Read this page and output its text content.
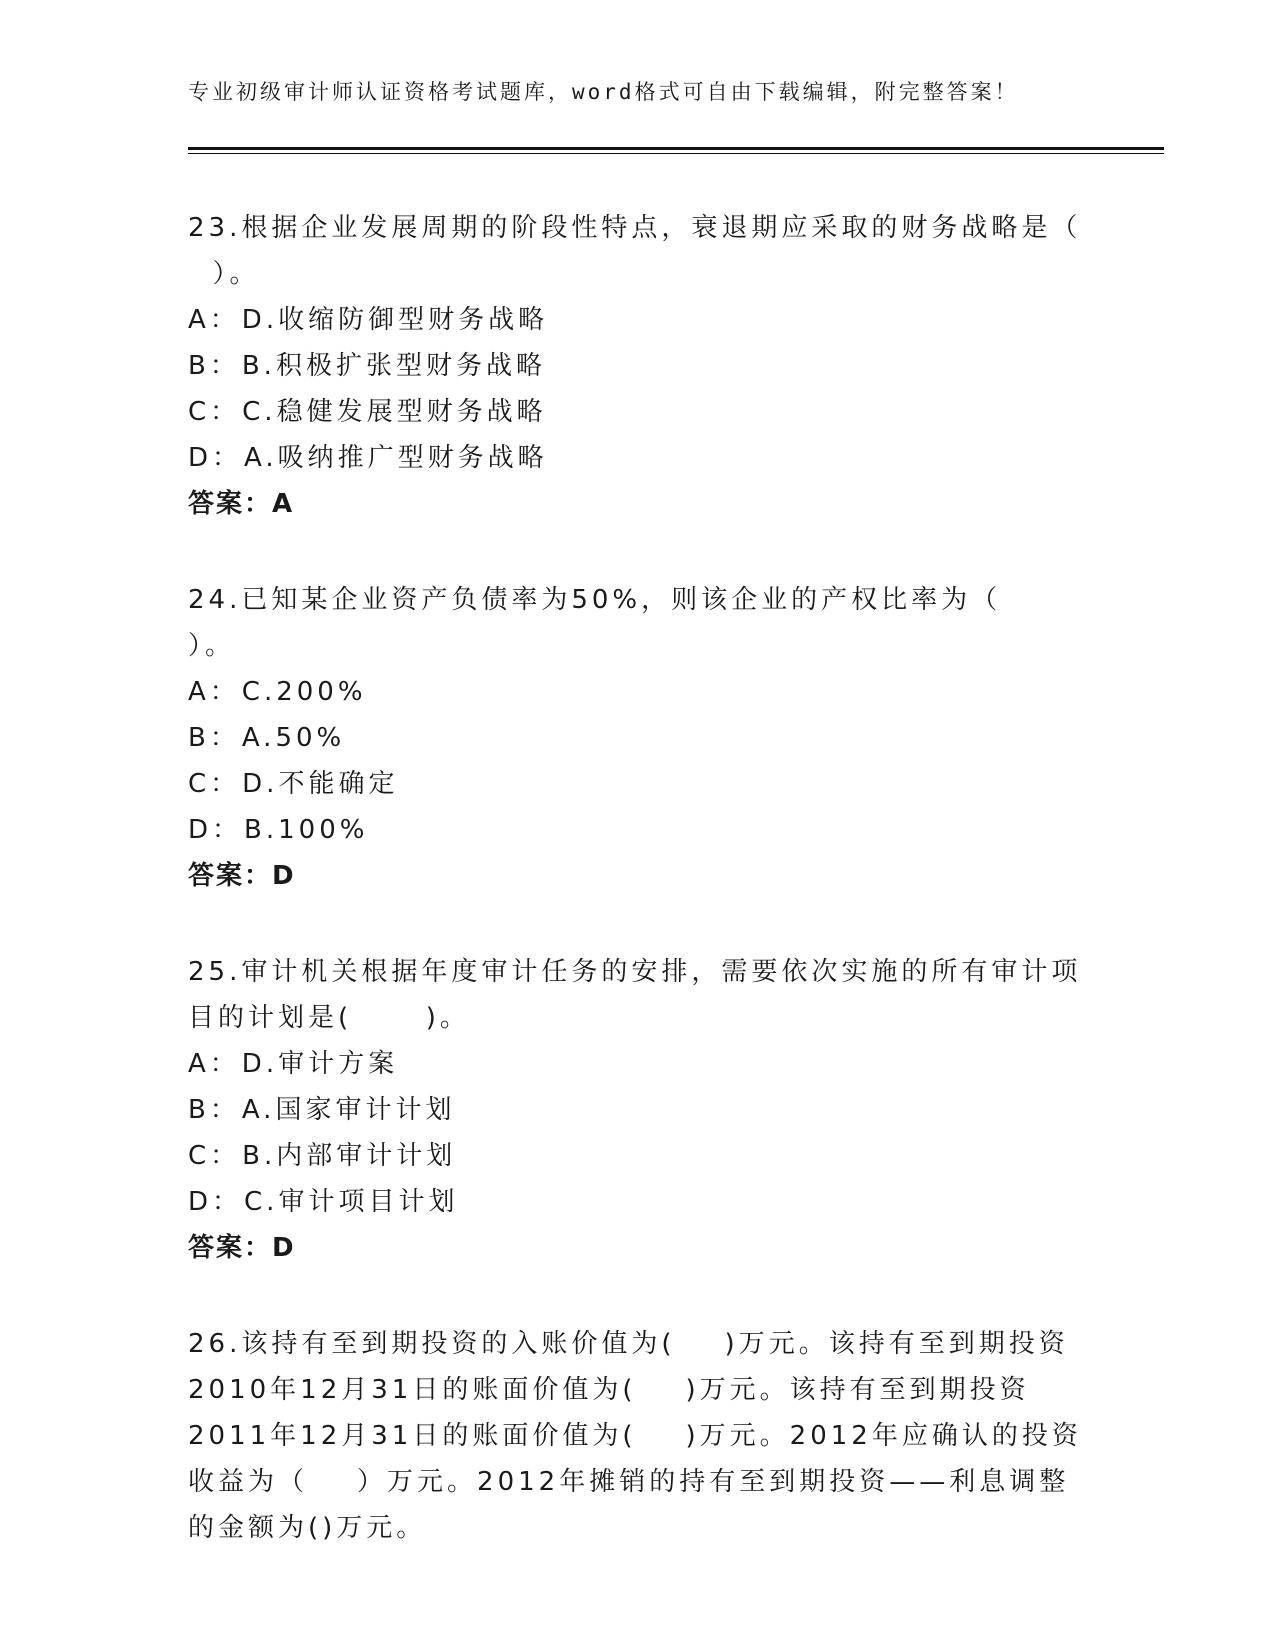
专业初级审计师认证资格考试题库，word格式可自由下载编辑，附完整答案！

23.根据企业发展周期的阶段性特点，衰退期应采取的财务战略是（
）。

A：D.收缩防御型财务战略

B：B.积极扩张型财务战略

C：C.稳健发展型财务战略

D：A.吸纳推广型财务战略

答案：A

24.已知某企业资产负债率为50%，则该企业的产权比率为（    ）。

A：C.200%

B：A.50%

C：D.不能确定

D：B.100%

答案：D

25.审计机关根据年度审计任务的安排，需要依次实施的所有审计项目的计划是(      )。

A：D.审计方案

B：A.国家审计计划

C：B.内部审计计划

D：C.审计项目计划

答案：D

26.该持有至到期投资的入账价值为(    )万元。该持有至到期投资2010年12月31日的账面价值为(    )万元。该持有至到期投资2011年12月31日的账面价值为(    )万元。2012年应确认的投资收益为（    ）万元。2012年摊销的持有至到期投资——利息调整的金额为()万元。
